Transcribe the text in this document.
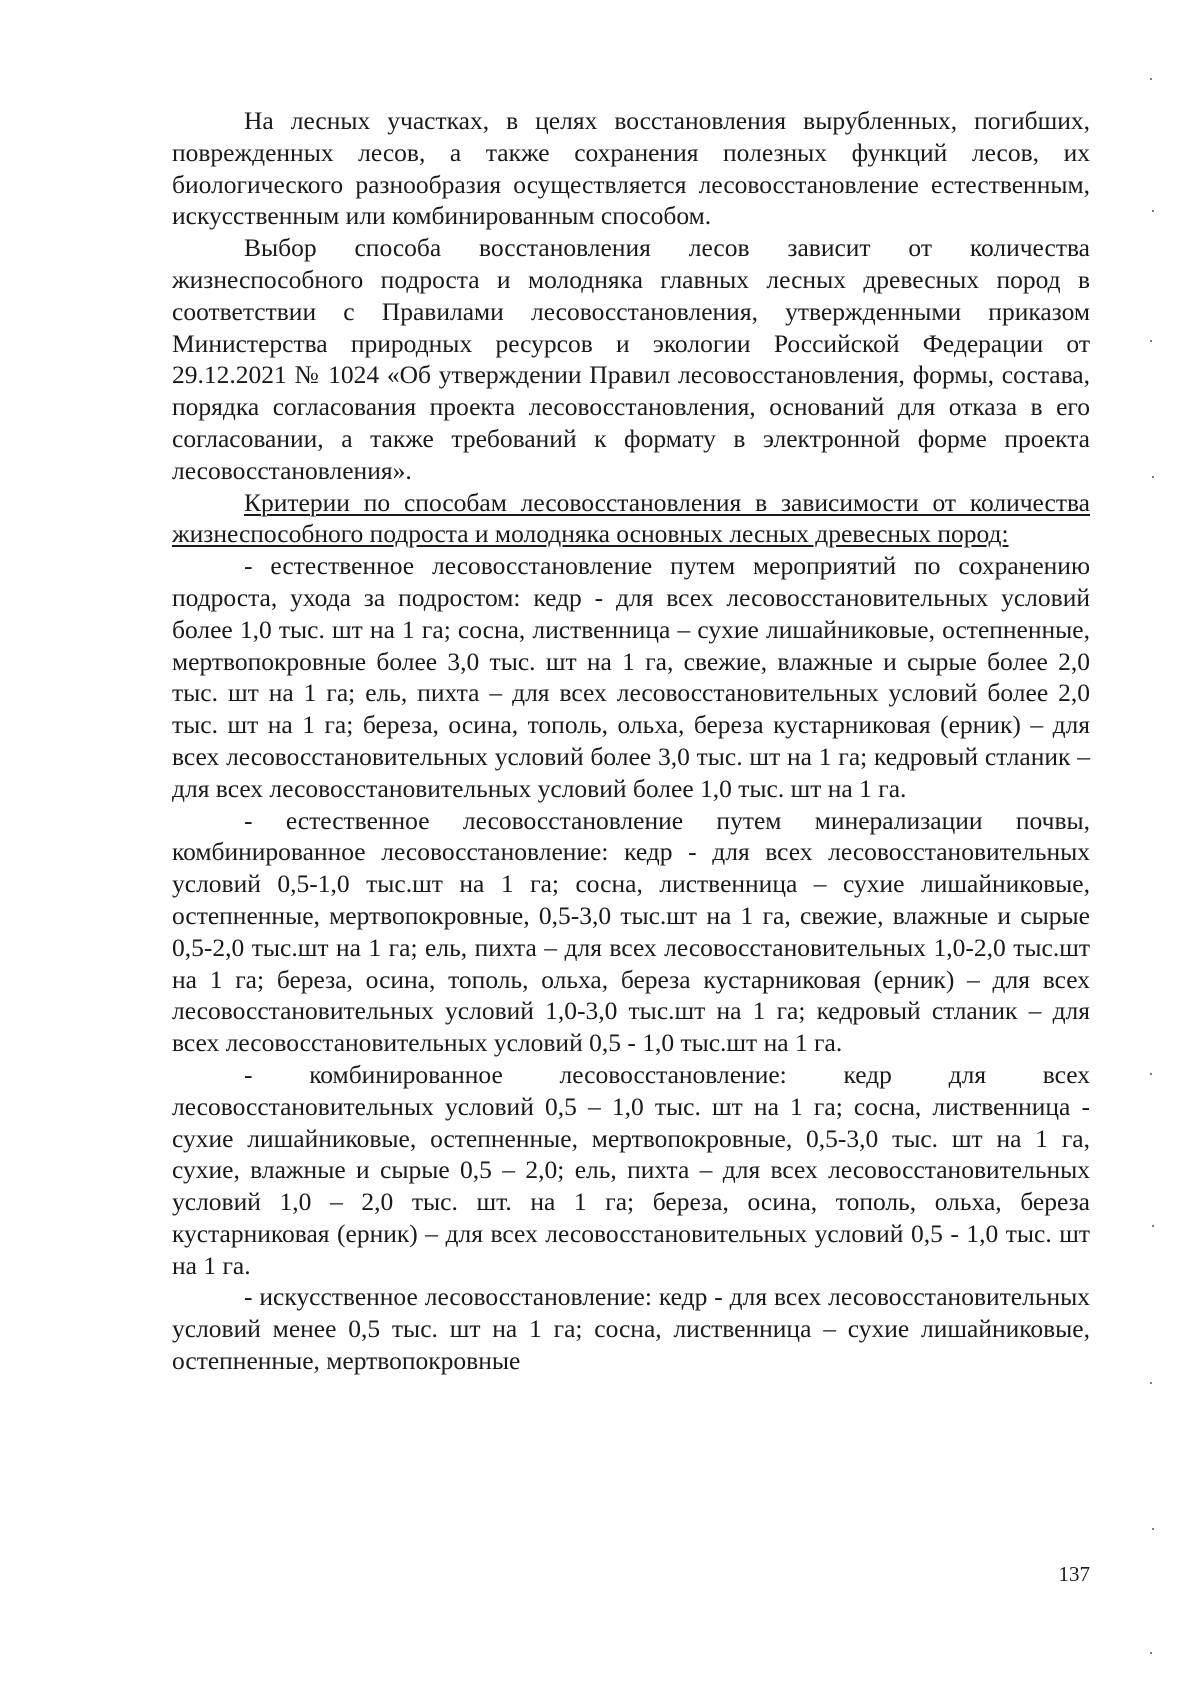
На лесных участках, в целях восстановления вырубленных, погибших, поврежденных лесов, а также сохранения полезных функций лесов, их биологического разнообразия осуществляется лесовосстановление естественным, искусственным или комбинированным способом.

Выбор способа восстановления лесов зависит от количества жизнеспособного подроста и молодняка главных лесных древесных пород в соответствии с Правилами лесовосстановления, утвержденными приказом Министерства природных ресурсов и экологии Российской Федерации от 29.12.2021 № 1024 «Об утверждении Правил лесовосстановления, формы, состава, порядка согласования проекта лесовосстановления, оснований для отказа в его согласовании, а также требований к формату в электронной форме проекта лесовосстановления».

Критерии по способам лесовосстановления в зависимости от количества жизнеспособного подроста и молодняка основных лесных древесных пород:

- естественное лесовосстановление путем мероприятий по сохранению подроста, ухода за подростом: кедр - для всех лесовосстановительных условий более 1,0 тыс. шт на 1 га; сосна, лиственница – сухие лишайниковые, остепненные, мертвопокровные более 3,0 тыс. шт на 1 га, свежие, влажные и сырые более 2,0 тыс. шт на 1 га; ель, пихта – для всех лесовосстановительных условий более 2,0 тыс. шт на 1 га; береза, осина, тополь, ольха, береза кустарниковая (ерник) – для всех лесовосстановительных условий более 3,0 тыс. шт на 1 га; кедровый стланик – для всех лесовосстановительных условий более 1,0 тыс. шт на 1 га.

- естественное лесовосстановление путем минерализации почвы, комбинированное лесовосстановление: кедр - для всех лесовосстановительных условий 0,5-1,0 тыс.шт на 1 га; сосна, лиственница – сухие лишайниковые, остепненные, мертвопокровные, 0,5-3,0 тыс.шт на 1 га, свежие, влажные и сырые 0,5-2,0 тыс.шт на 1 га; ель, пихта – для всех лесовосстановительных 1,0-2,0 тыс.шт на 1 га; береза, осина, тополь, ольха, береза кустарниковая (ерник) – для всех лесовосстановительных условий 1,0-3,0 тыс.шт на 1 га; кедровый стланик – для всех лесовосстановительных условий 0,5 - 1,0 тыс.шт на 1 га.

- комбинированное лесовосстановление: кедр для всех лесовосстановительных условий 0,5 – 1,0 тыс. шт на 1 га; сосна, лиственница - сухие лишайниковые, остепненные, мертвопокровные, 0,5-3,0 тыс. шт на 1 га, сухие, влажные и сырые 0,5 – 2,0; ель, пихта – для всех лесовосстановительных условий 1,0 – 2,0 тыс. шт. на 1 га; береза, осина, тополь, ольха, береза кустарниковая (ерник) – для всех лесовосстановительных условий 0,5 - 1,0 тыс. шт на 1 га.

- искусственное лесовосстановление: кедр - для всех лесовосстановительных условий менее 0,5 тыс. шт на 1 га; сосна, лиственница – сухие лишайниковые, остепненные, мертвопокровные

137
